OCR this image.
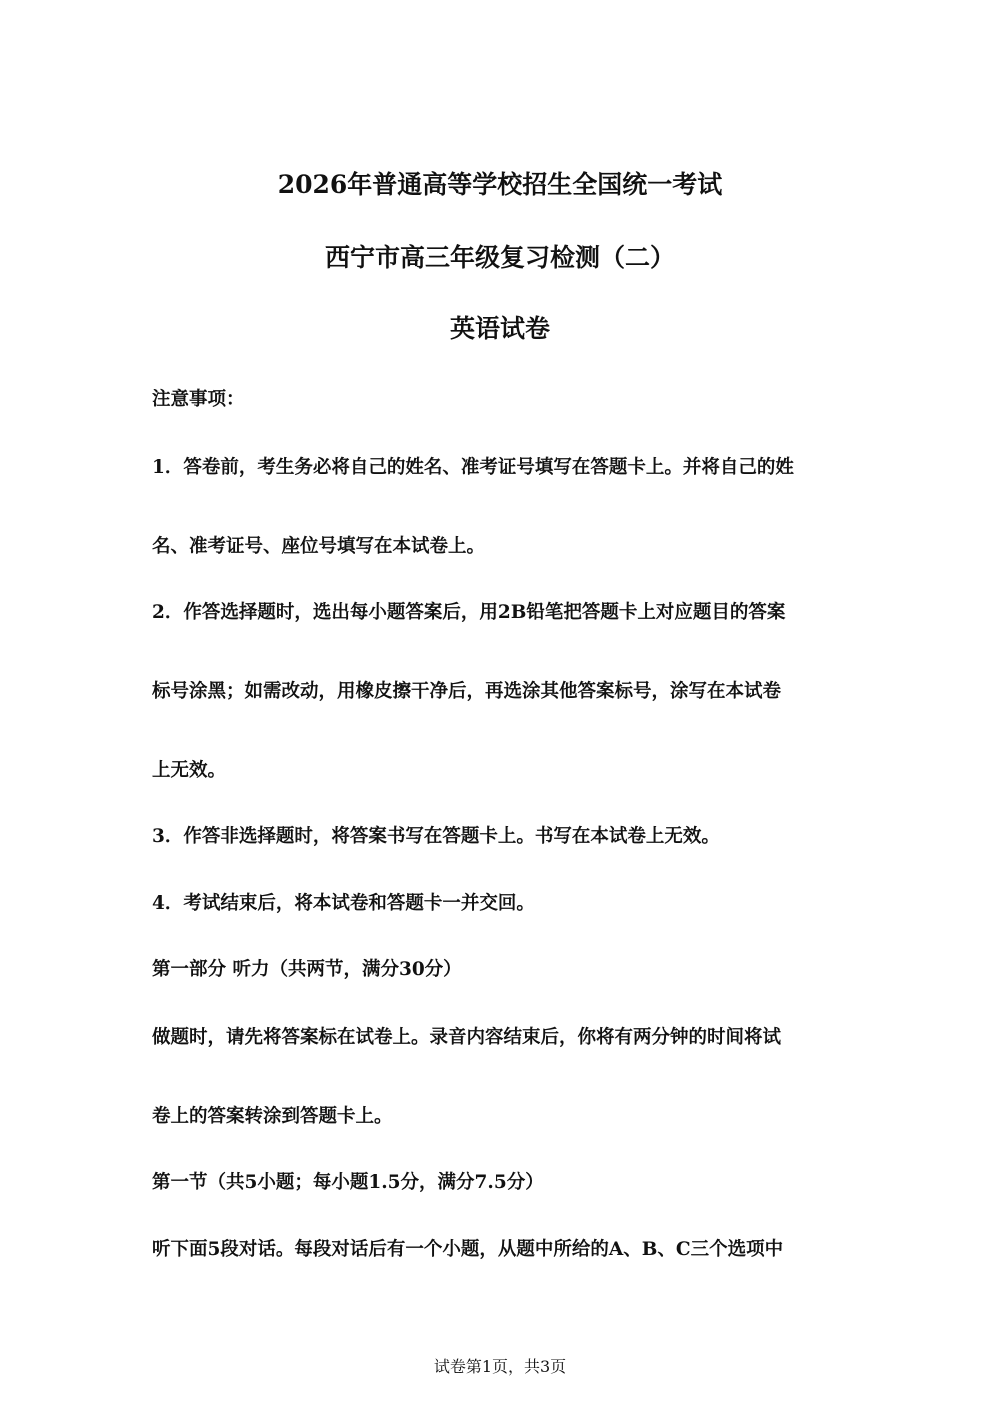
2026年普通高等学校招生全国统一考试
西宁市高三年级复习检测（二）
英语试卷
注意事项：
1．答卷前，考生务必将自己的姓名、准考证号填写在答题卡上。并将自己的姓
名、准考证号、座位号填写在本试卷上。
2．作答选择题时，选出每小题答案后，用2B铅笔把答题卡上对应题目的答案
标号涂黑；如需改动，用橡皮擦干净后，再选涂其他答案标号，涂写在本试卷
上无效。
3．作答非选择题时，将答案书写在答题卡上。书写在本试卷上无效。
4．考试结束后，将本试卷和答题卡一并交回。
第一部分 听力（共两节，满分30分）
做题时，请先将答案标在试卷上。录音内容结束后，你将有两分钟的时间将试
卷上的答案转涂到答题卡上。
第一节（共5小题；每小题1.5分，满分7.5分）
听下面5段对话。每段对话后有一个小题，从题中所给的A、B、C三个选项中
试卷第1页，共3页
